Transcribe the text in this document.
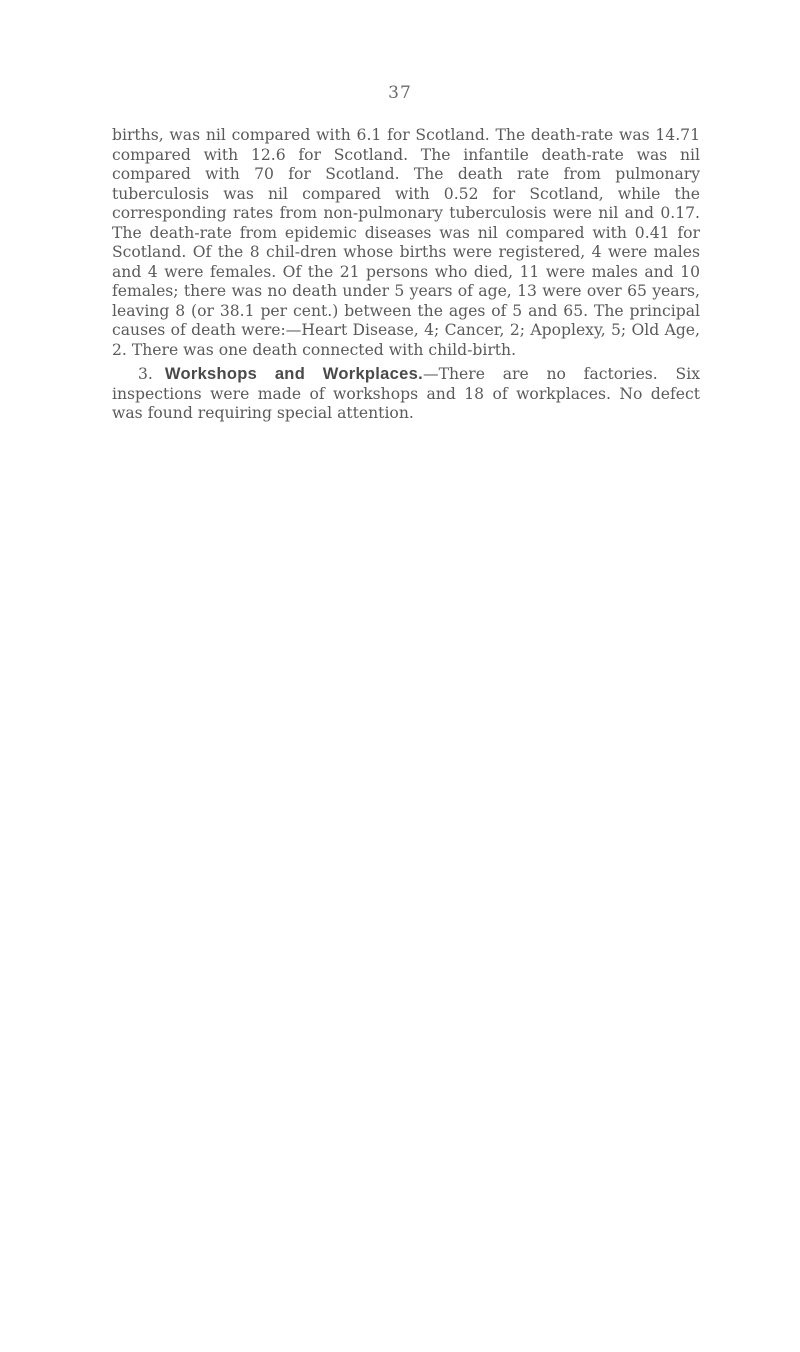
37

births, was nil compared with 6.1 for Scotland. The death-rate was 14.71 compared with 12.6 for Scotland. The infantile death-rate was nil compared with 70 for Scotland. The death rate from pulmonary tuberculosis was nil compared with 0.52 for Scotland, while the corresponding rates from non-pulmonary tuberculosis were nil and 0.17. The death-rate from epidemic diseases was nil compared with 0.41 for Scotland. Of the 8 chil-dren whose births were registered, 4 were males and 4 were females. Of the 21 persons who died, 11 were males and 10 females; there was no death under 5 years of age, 13 were over 65 years, leaving 8 (or 38.1 per cent.) between the ages of 5 and 65. The principal causes of death were:—Heart Disease, 4; Cancer, 2; Apoplexy, 5; Old Age, 2. There was one death connected with child-birth.

3. Workshops and Workplaces.—There are no factories. Six inspections were made of workshops and 18 of workplaces. No defect was found requiring special attention.
